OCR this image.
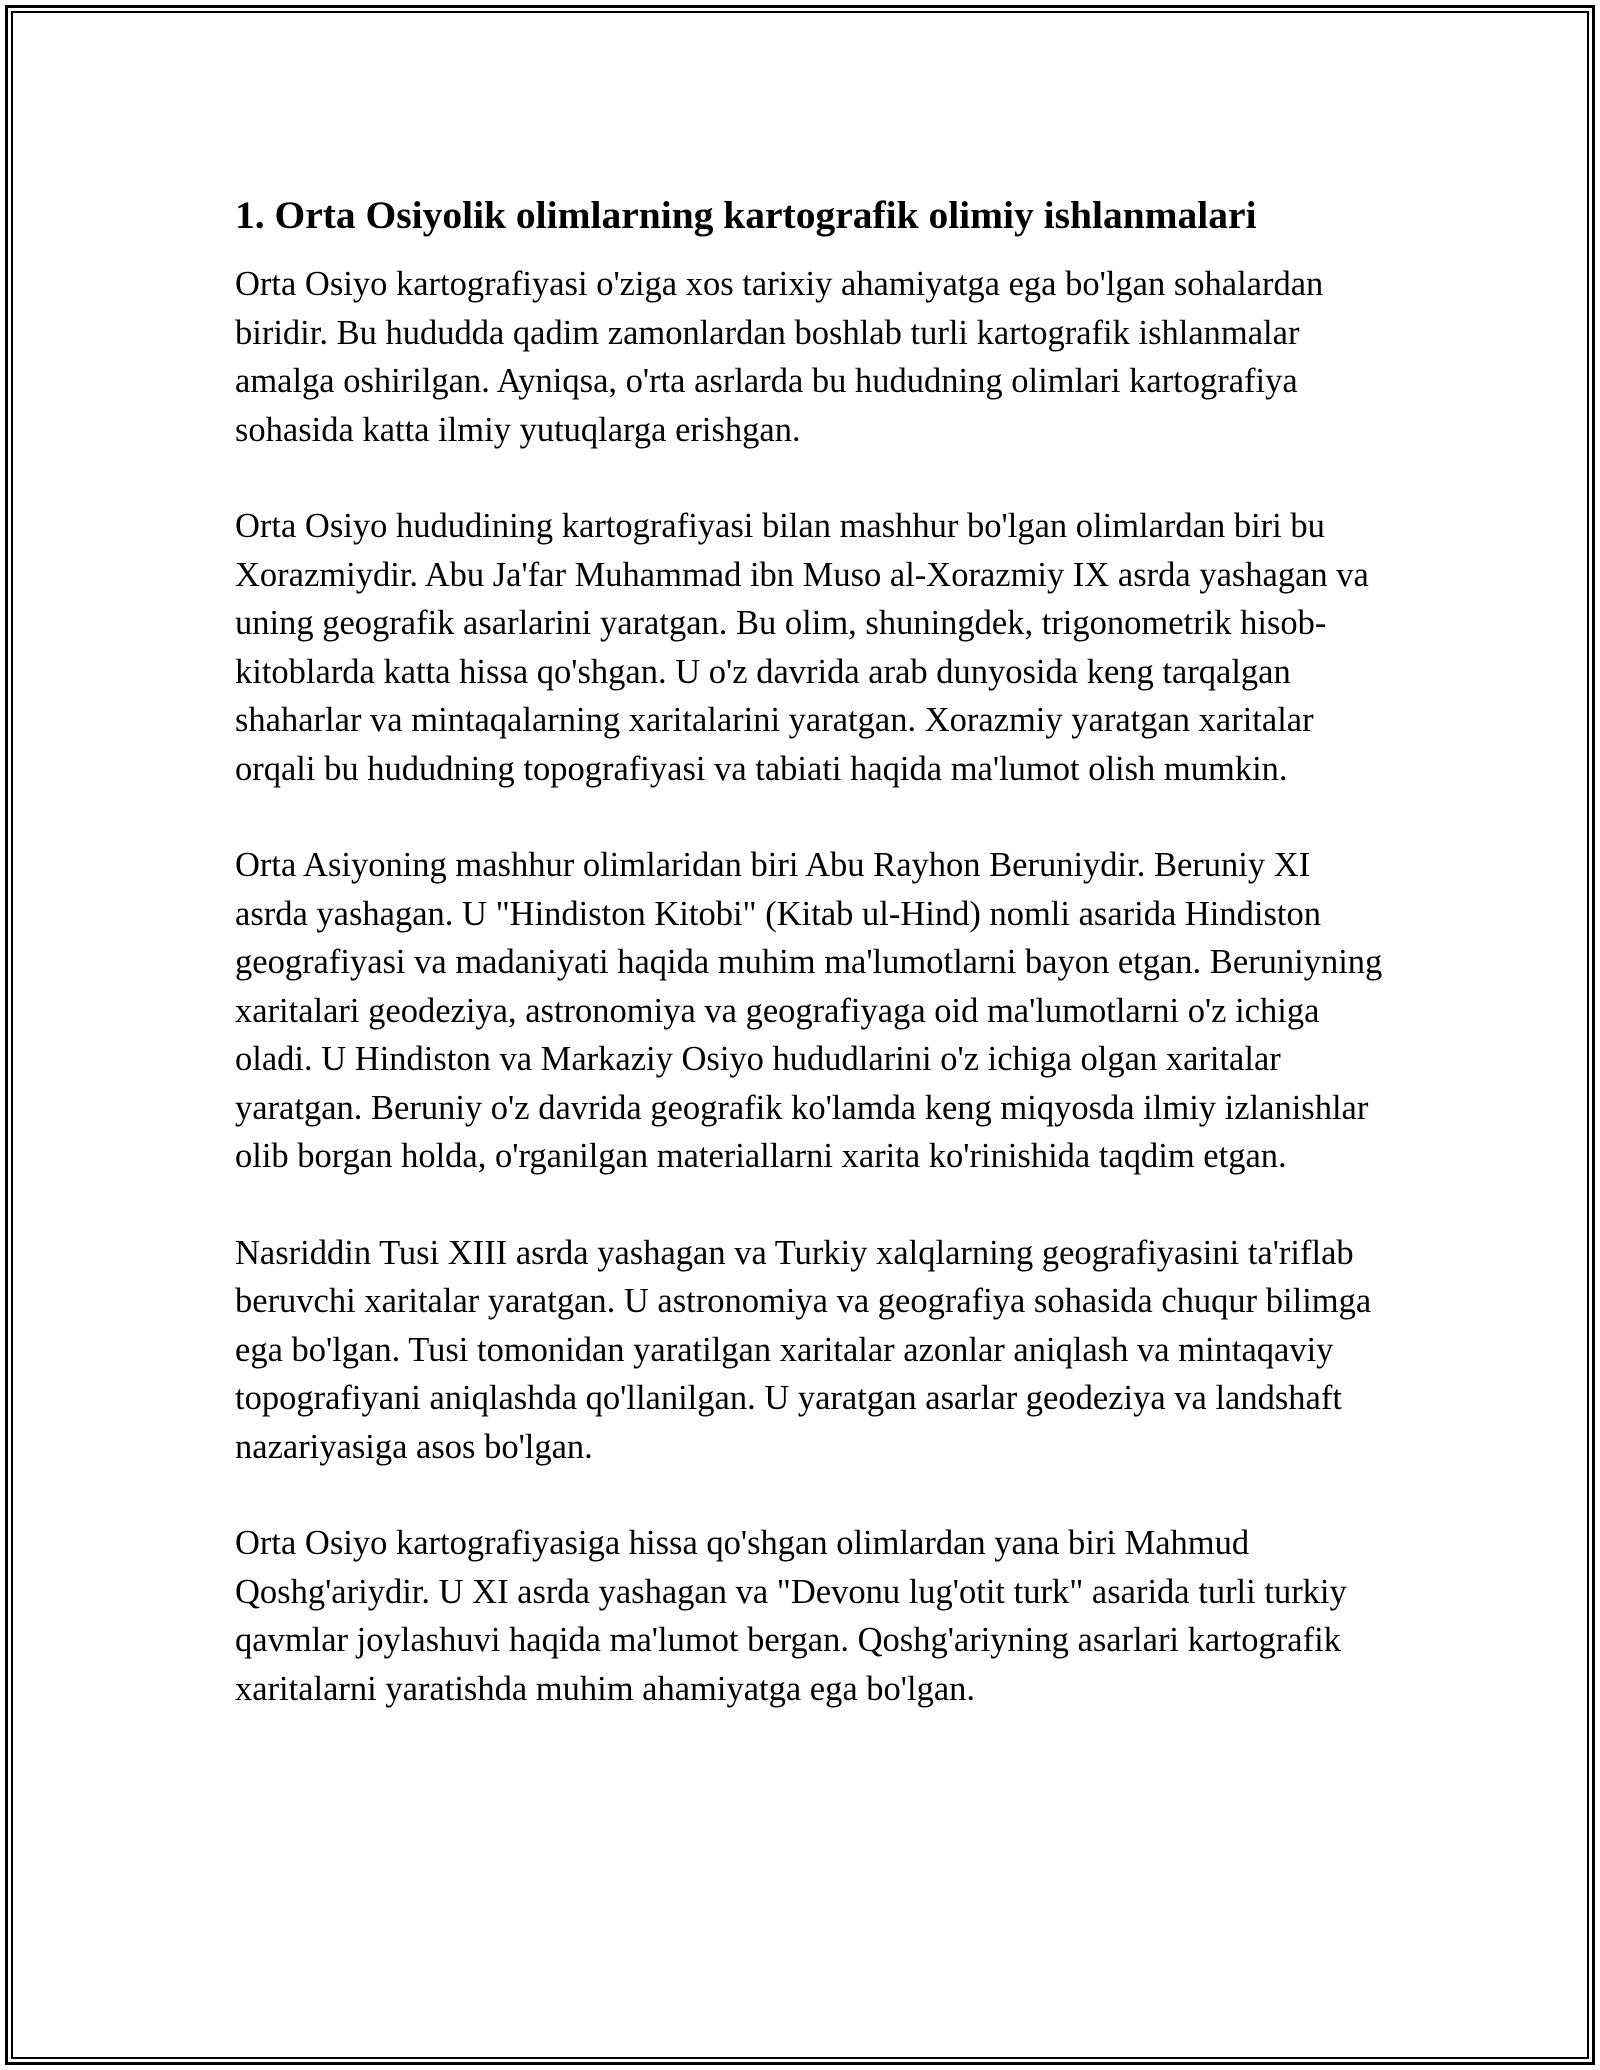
1. Orta Osiyolik olimlarning kartografik olimiy ishlanmalari

Orta Osiyo kartografiyasi o'ziga xos tarixiy ahamiyatga ega bo'lgan sohalardan biridir. Bu hududda qadim zamonlardan boshlab turli kartografik ishlanmalar amalga oshirilgan. Ayniqsa, o'rta asrlarda bu hududning olimlari kartografiya sohasida katta ilmiy yutuqlarga erishgan.

Orta Osiyo hududining kartografiyasi bilan mashhur bo'lgan olimlardan biri bu Xorazmiydir. Abu Ja'far Muhammad ibn Muso al-Xorazmiy IX asrda yashagan va uning geografik asarlarini yaratgan. Bu olim, shuningdek, trigonometrik hisob-kitoblarda katta hissa qo'shgan. U o'z davrida arab dunyosida keng tarqalgan shaharlar va mintaqalarning xaritalarini yaratgan. Xorazmiy yaratgan xaritalar orqali bu hududning topografiyasi va tabiati haqida ma'lumot olish mumkin.

Orta Asiyoning mashhur olimlaridan biri Abu Rayhon Beruniydir. Beruniy XI asrda yashagan. U "Hindiston Kitobi" (Kitab ul-Hind) nomli asarida Hindiston geografiyasi va madaniyati haqida muhim ma'lumotlarni bayon etgan. Beruniyning xaritalari geodeziya, astronomiya va geografiyaga oid ma'lumotlarni o'z ichiga oladi. U Hindiston va Markaziy Osiyo hududlarini o'z ichiga olgan xaritalar yaratgan. Beruniy o'z davrida geografik ko'lamda keng miqyosda ilmiy izlanishlar olib borgan holda, o'rganilgan materiallarni xarita ko'rinishida taqdim etgan.

Nasriddin Tusi XIII asrda yashagan va Turkiy xalqlarning geografiyasini ta'riflab beruvchi xaritalar yaratgan. U astronomiya va geografiya sohasida chuqur bilimga ega bo'lgan. Tusi tomonidan yaratilgan xaritalar azonlar aniqlash va mintaqaviy topografiyani aniqlashda qo'llanilgan. U yaratgan asarlar geodeziya va landshaft nazariyasiga asos bo'lgan.

Orta Osiyo kartografiyasiga hissa qo'shgan olimlardan yana biri Mahmud Qoshg'ariydir. U XI asrda yashagan va "Devonu lug'otit turk" asarida turli turkiy qavmlar joylashuvi haqida ma'lumot bergan. Qoshg'ariyning asarlari kartografik xaritalarni yaratishda muhim ahamiyatga ega bo'lgan.
